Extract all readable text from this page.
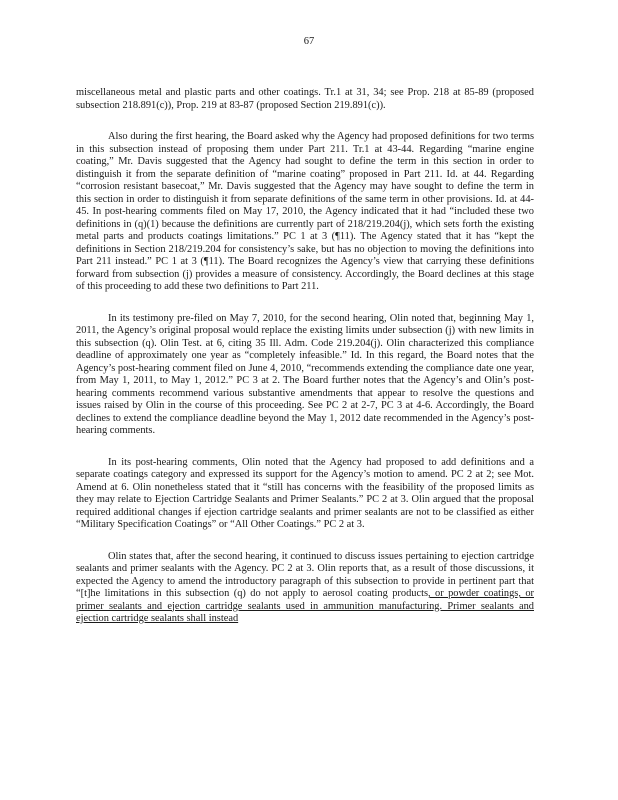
67

miscellaneous metal and plastic parts and other coatings. Tr.1 at 31, 34; see Prop. 218 at 85-89 (proposed subsection 218.891(c)), Prop. 219 at 83-87 (proposed Section 219.891(c)).

Also during the first hearing, the Board asked why the Agency had proposed definitions for two terms in this subsection instead of proposing them under Part 211. Tr.1 at 43-44. Regarding “marine engine coating,” Mr. Davis suggested that the Agency had sought to define the term in this section in order to distinguish it from the separate definition of “marine coating” proposed in Part 211. Id. at 44. Regarding “corrosion resistant basecoat,” Mr. Davis suggested that the Agency may have sought to define the term in this section in order to distinguish it from separate definitions of the same term in other provisions. Id. at 44-45. In post-hearing comments filed on May 17, 2010, the Agency indicated that it had “included these two definitions in (q)(1) because the definitions are currently part of 218/219.204(j), which sets forth the existing metal parts and products coatings limitations.” PC 1 at 3 (¶11). The Agency stated that it has “kept the definitions in Section 218/219.204 for consistency’s sake, but has no objection to moving the definitions into Part 211 instead.” PC 1 at 3 (¶11). The Board recognizes the Agency’s view that carrying these definitions forward from subsection (j) provides a measure of consistency. Accordingly, the Board declines at this stage of this proceeding to add these two definitions to Part 211.

In its testimony pre-filed on May 7, 2010, for the second hearing, Olin noted that, beginning May 1, 2011, the Agency’s original proposal would replace the existing limits under subsection (j) with new limits in this subsection (q). Olin Test. at 6, citing 35 Ill. Adm. Code 219.204(j). Olin characterized this compliance deadline of approximately one year as “completely infeasible.” Id. In this regard, the Board notes that the Agency’s post-hearing comment filed on June 4, 2010, “recommends extending the compliance date one year, from May 1, 2011, to May 1, 2012.” PC 3 at 2. The Board further notes that the Agency’s and Olin’s post-hearing comments recommend various substantive amendments that appear to resolve the questions and issues raised by Olin in the course of this proceeding. See PC 2 at 2-7, PC 3 at 4-6. Accordingly, the Board declines to extend the compliance deadline beyond the May 1, 2012 date recommended in the Agency’s post-hearing comments.

In its post-hearing comments, Olin noted that the Agency had proposed to add definitions and a separate coatings category and expressed its support for the Agency’s motion to amend. PC 2 at 2; see Mot. Amend at 6. Olin nonetheless stated that it “still has concerns with the feasibility of the proposed limits as they may relate to Ejection Cartridge Sealants and Primer Sealants.” PC 2 at 3. Olin argued that the proposal required additional changes if ejection cartridge sealants and primer sealants are not to be classified as either “Military Specification Coatings” or “All Other Coatings.” PC 2 at 3.

Olin states that, after the second hearing, it continued to discuss issues pertaining to ejection cartridge sealants and primer sealants with the Agency. PC 2 at 3. Olin reports that, as a result of those discussions, it expected the Agency to amend the introductory paragraph of this subsection to provide in pertinent part that “[t]he limitations in this subsection (q) do not apply to aerosol coating products, or powder coatings, or primer sealants and ejection cartridge sealants used in ammunition manufacturing. Primer sealants and ejection cartridge sealants shall instead
